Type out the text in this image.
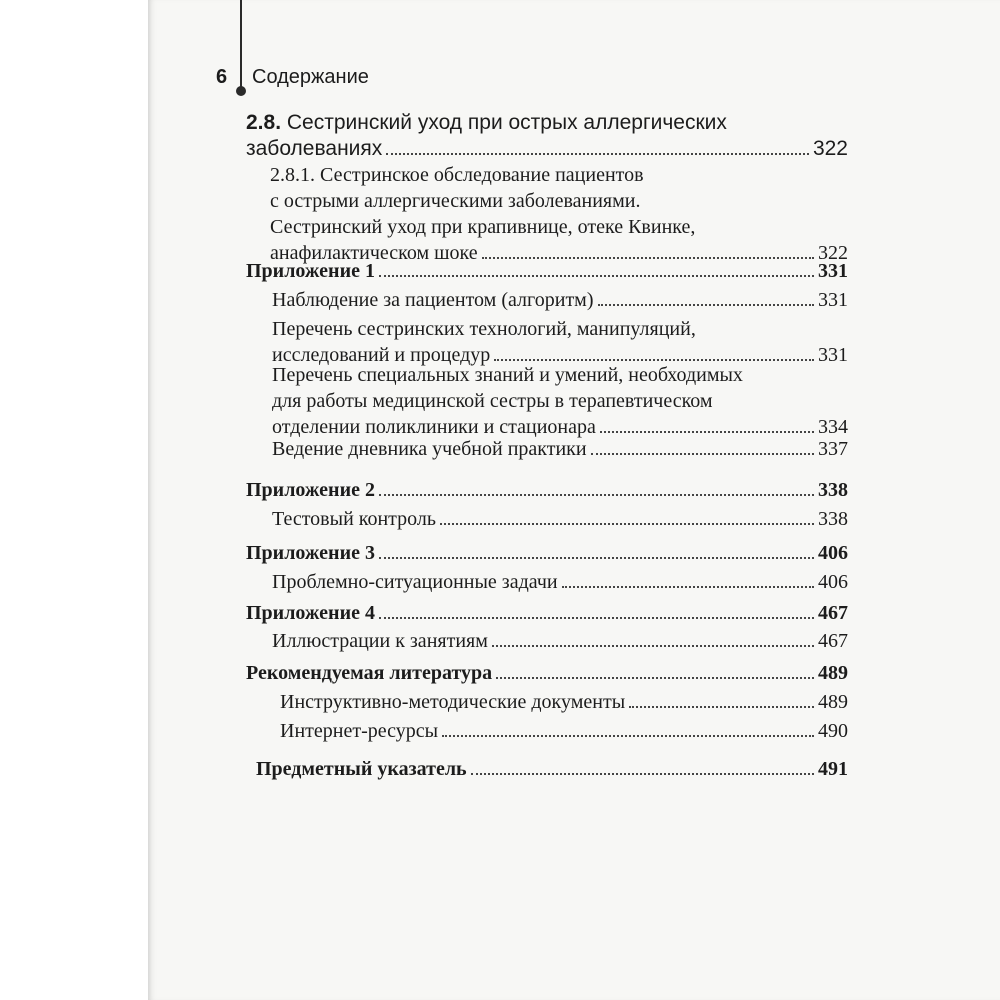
6 Содержание
2.8. Сестринский уход при острых аллергических
заболеваниях	322
2.8.1. Сестринское обследование пациентов
с острыми аллергическими заболеваниями.
Сестринский уход при крапивнице, отеке Квинке,
анафилактическом шоке	322
Приложение 1	331
Наблюдение за пациентом (алгоритм)	331
Перечень сестринских технологий, манипуляций,
исследований и процедур	331
Перечень специальных знаний и умений, необходимых
для работы медицинской сестры в терапевтическом
отделении поликлиники и стационара	334
Ведение дневника учебной практики	337
Приложение 2	338
Тестовый контроль	338
Приложение 3	406
Проблемно-ситуационные задачи	406
Приложение 4	467
Иллюстрации к занятиям	467
Рекомендуемая литература	489
Инструктивно-методические документы	489
Интернет-ресурсы	490
Предметный указатель	491
